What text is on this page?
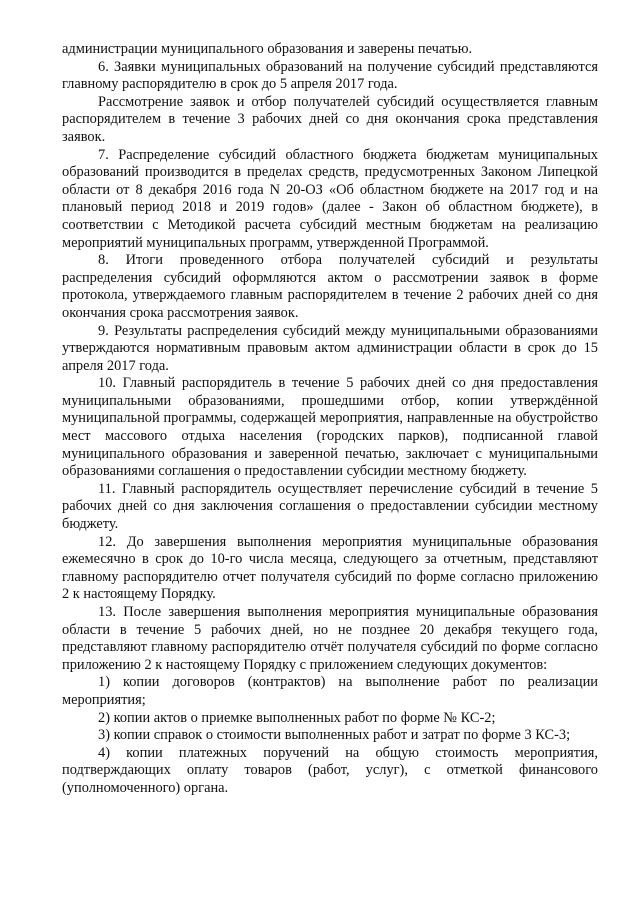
администрации муниципального образования и заверены печатью.

6. Заявки муниципальных образований на получение субсидий представляются главному распорядителю в срок до 5 апреля 2017 года.

Рассмотрение заявок и отбор получателей субсидий осуществляется главным распорядителем в течение 3 рабочих дней со дня окончания срока представления заявок.

7. Распределение субсидий областного бюджета бюджетам муниципальных образований производится в пределах средств, предусмотренных Законом Липецкой области от 8 декабря 2016 года N 20-ОЗ «Об областном бюджете на 2017 год и на плановый период 2018 и 2019 годов» (далее - Закон об областном бюджете), в соответствии с Методикой расчета субсидий местным бюджетам на реализацию мероприятий муниципальных программ, утвержденной Программой.

8. Итоги проведенного отбора получателей субсидий и результаты распределения субсидий оформляются актом о рассмотрении заявок в форме протокола, утверждаемого главным распорядителем в течение 2 рабочих дней со дня окончания срока рассмотрения заявок.

9. Результаты распределения субсидий между муниципальными образованиями утверждаются нормативным правовым актом администрации области в срок до 15 апреля 2017 года.

10. Главный распорядитель в течение 5 рабочих дней со дня предоставления муниципальными образованиями, прошедшими отбор, копии утверждённой муниципальной программы, содержащей мероприятия, направленные на обустройство мест массового отдыха населения (городских парков), подписанной главой муниципального образования и заверенной печатью, заключает с муниципальными образованиями соглашения о предоставлении субсидии местному бюджету.

11. Главный распорядитель осуществляет перечисление субсидий в течение 5 рабочих дней со дня заключения соглашения о предоставлении субсидии местному бюджету.

12. До завершения выполнения мероприятия муниципальные образования ежемесячно в срок до 10-го числа месяца, следующего за отчетным, представляют главному распорядителю отчет получателя субсидий по форме согласно приложению 2 к настоящему Порядку.

13. После завершения выполнения мероприятия муниципальные образования области в течение 5 рабочих дней, но не позднее 20 декабря текущего года, представляют главному распорядителю отчёт получателя субсидий по форме согласно приложению 2 к настоящему Порядку с приложением следующих документов:

1) копии договоров (контрактов) на выполнение работ по реализации мероприятия;

2) копии актов о приемке выполненных работ по форме № КС-2;

3) копии справок о стоимости выполненных работ и затрат по форме 3 КС-3;

4) копии платежных поручений на общую стоимость мероприятия, подтверждающих оплату товаров (работ, услуг), с отметкой финансового (уполномоченного) органа.
